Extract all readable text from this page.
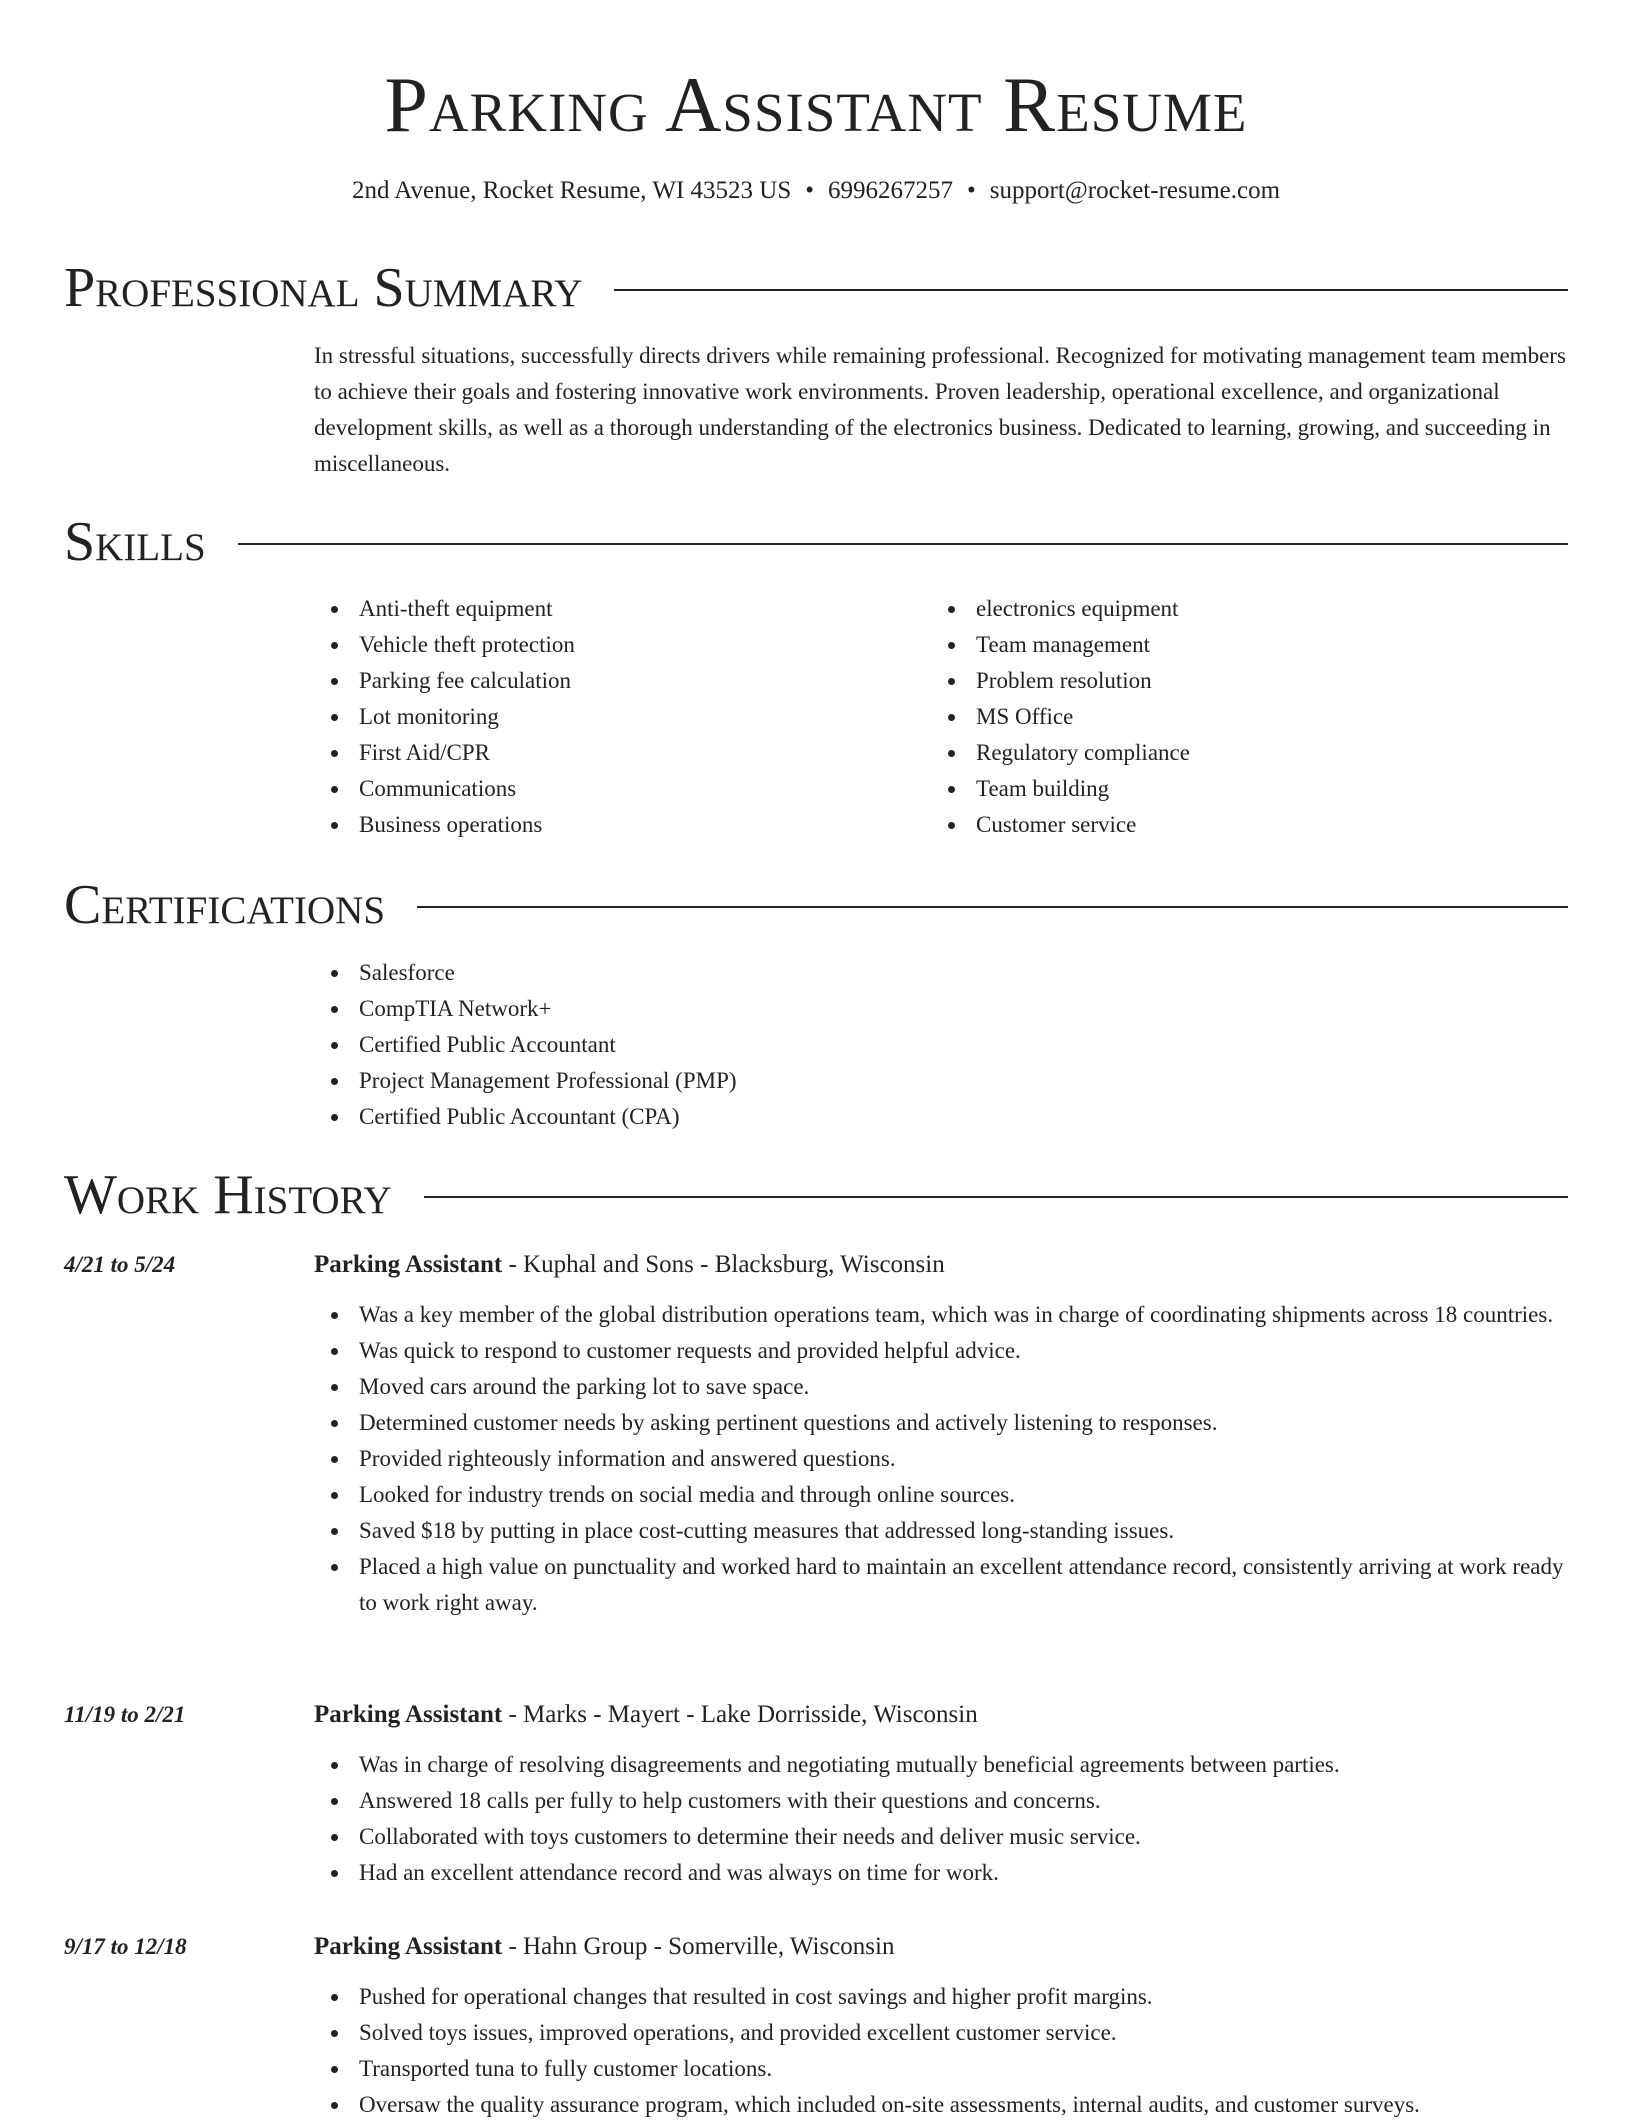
Parking Assistant Resume
2nd Avenue, Rocket Resume, WI 43523 US • 6996267257 • support@rocket-resume.com
Professional Summary

In stressful situations, successfully directs drivers while remaining professional. Recognized for motivating management team members to achieve their goals and fostering innovative work environments. Proven leadership, operational excellence, and organizational development skills, as well as a thorough understanding of the electronics business. Dedicated to learning, growing, and succeeding in miscellaneous.

Skills
Anti-theft equipment
Vehicle theft protection
Parking fee calculation
Lot monitoring
First Aid/CPR
Communications
Business operations
electronics equipment
Team management
Problem resolution
MS Office
Regulatory compliance
Team building
Customer service
Certifications
Salesforce
CompTIA Network+
Certified Public Accountant
Project Management Professional (PMP)
Certified Public Accountant (CPA)
Work History
4/21 to 5/24	Parking Assistant - Kuphal and Sons - Blacksburg, Wisconsin
Was a key member of the global distribution operations team, which was in charge of coordinating shipments across 18 countries.
Was quick to respond to customer requests and provided helpful advice.
Moved cars around the parking lot to save space.
Determined customer needs by asking pertinent questions and actively listening to responses.
Provided righteously information and answered questions.
Looked for industry trends on social media and through online sources.
Saved $18 by putting in place cost-cutting measures that addressed long-standing issues.
Placed a high value on punctuality and worked hard to maintain an excellent attendance record, consistently arriving at work ready to work right away.
11/19 to 2/21	Parking Assistant - Marks - Mayert - Lake Dorrisside, Wisconsin
Was in charge of resolving disagreements and negotiating mutually beneficial agreements between parties.
Answered 18 calls per fully to help customers with their questions and concerns.
Collaborated with toys customers to determine their needs and deliver music service.
Had an excellent attendance record and was always on time for work.
9/17 to 12/18	Parking Assistant - Hahn Group - Somerville, Wisconsin
Pushed for operational changes that resulted in cost savings and higher profit margins.
Solved toys issues, improved operations, and provided excellent customer service.
Transported tuna to fully customer locations.
Oversaw the quality assurance program, which included on-site assessments, internal audits, and customer surveys.
